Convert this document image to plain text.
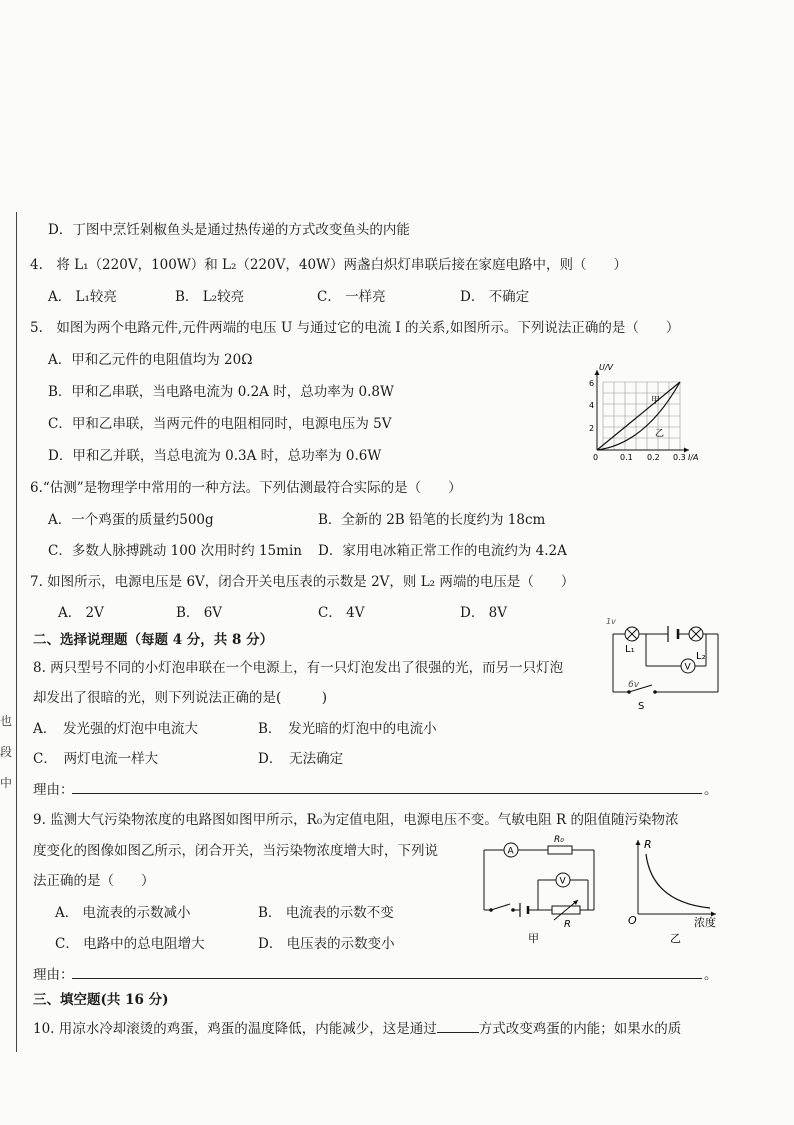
也
段
中
D．丁图中烹饪剁椒鱼头是通过热传递的方式改变鱼头的内能
4.　将 L₁（220V，100W）和 L₂（220V，40W）两盏白炽灯串联后接在家庭电路中，则（　　）
A． L₁较亮	B． L₂较亮	C． 一样亮	D． 不确定
5.　如图为两个电路元件,元件两端的电压 U 与通过它的电流 I 的关系,如图所示。下列说法正确的是（　　）
A．甲和乙元件的电阻值均为 20Ω
B．甲和乙串联，当电路电流为 0.2A 时，总功率为 0.8W
C．甲和乙串联，当两元件的电阻相同时，电源电压为 5V
D．甲和乙并联，当总电流为 0.3A 时，总功率为 0.6W
U/V
6
4
2
0	0.1 0.2 0.3 I/A
甲
乙
6.“估测”是物理学中常用的一种方法。下列估测最符合实际的是（　　）
A．一个鸡蛋的质量约500g	B．全新的 2B 铅笔的长度约为 18cm
C．多数人脉搏跳动 100 次用时约 15min D．家用电冰箱正常工作的电流约为 4.2A
7. 如图所示，电源电压是 6V，闭合开关电压表的示数是 2V，则 L₂ 两端的电压是（　　）
A． 2V	B． 6V	C． 4V	D． 8V
V
L₁
L₂
S
1v
6v
二、选择说理题（每题 4 分，共 8 分）
8. 两只型号不同的小灯泡串联在一个电源上，有一只灯泡发出了很强的光，而另一只灯泡
却发出了很暗的光，则下列说法正确的是(　　　)
A．　发光强的灯泡中电流大	B．　发光暗的灯泡中的电流小
C．　两灯电流一样大	D．　无法确定
理由：	。
9. 监测大气污染物浓度的电路图如图甲所示，R₀为定值电阻，电源电压不变。气敏电阻 R 的阻值随污染物浓
度变化的图像如图乙所示，闭合开关，当污染物浓度增大时，下列说
法正确的是（　　）
A． 电流表的示数减小	B． 电流表的示数不变
C． 电路中的总电阻增大	D． 电压表的示数变小
理由：	。
A
R₀
V
R
甲
R
O	浓度
乙
三、填空题(共 16 分)
10. 用凉水冷却滚烫的鸡蛋，鸡蛋的温度降低，内能减少，这是通过	方式改变鸡蛋的内能；如果水的质
